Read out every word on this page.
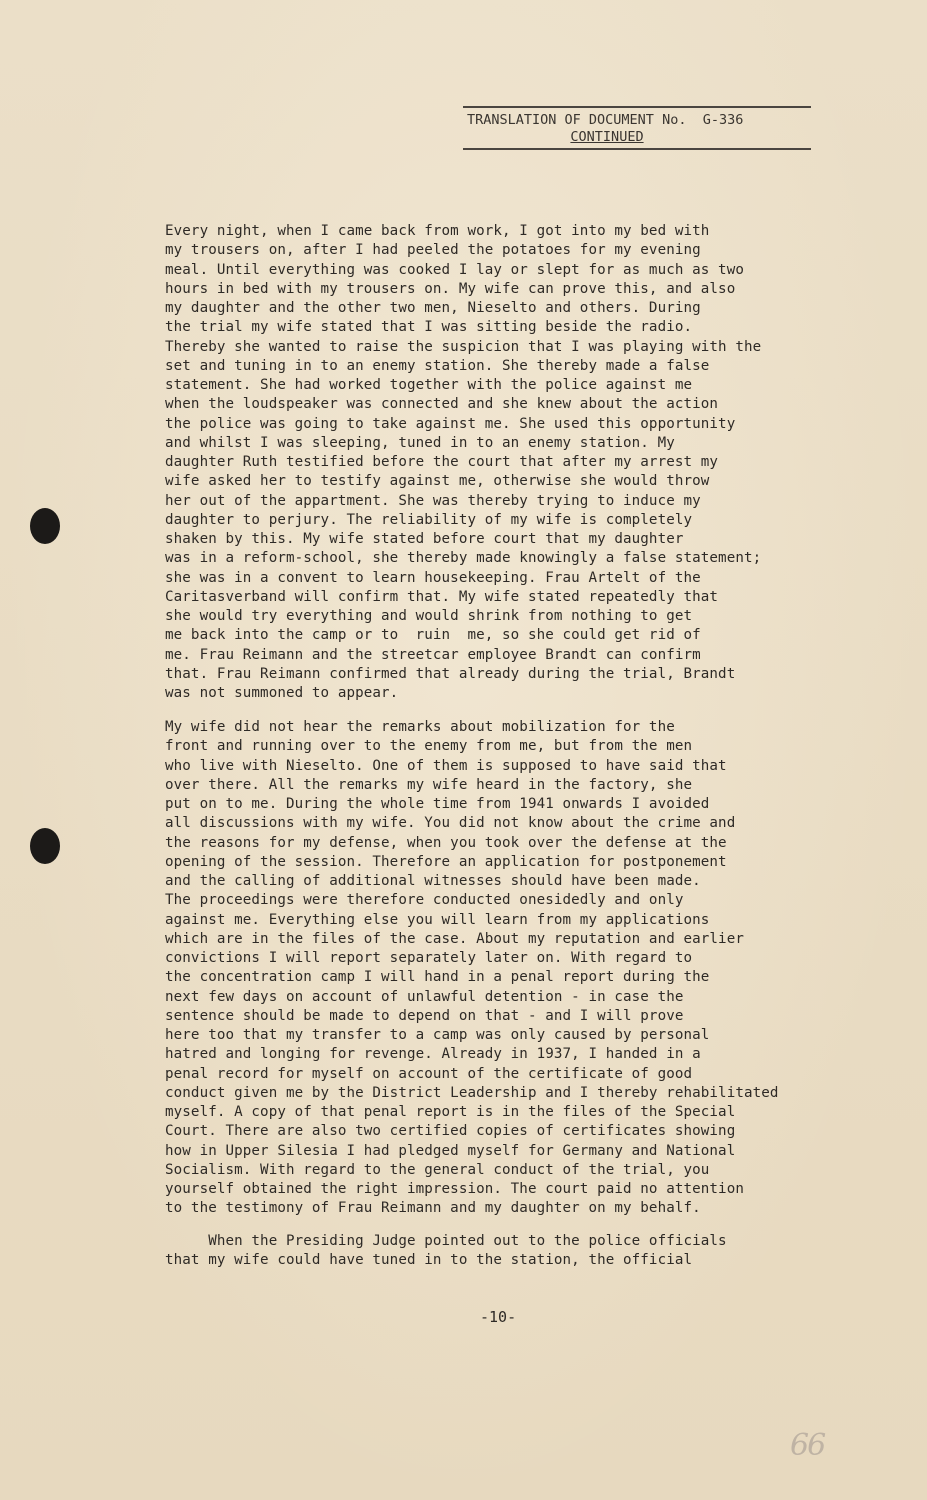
TRANSLATION OF DOCUMENT No.  G-336
CONTINUED
Every night, when I came back from work, I got into my bed with
my trousers on, after I had peeled the potatoes for my evening
meal. Until everything was cooked I lay or slept for as much as two
hours in bed with my trousers on. My wife can prove this, and also
my daughter and the other two men, Nieselto and others. During
the trial my wife stated that I was sitting beside the radio.
Thereby she wanted to raise the suspicion that I was playing with the
set and tuning in to an enemy station. She thereby made a false
statement. She had worked together with the police against me
when the loudspeaker was connected and she knew about the action
the police was going to take against me. She used this opportunity
and whilst I was sleeping, tuned in to an enemy station. My
daughter Ruth testified before the court that after my arrest my
wife asked her to testify against me, otherwise she would throw
her out of the appartment. She was thereby trying to induce my
daughter to perjury. The reliability of my wife is completely
shaken by this. My wife stated before court that my daughter
was in a reform-school, she thereby made knowingly a false statement;
she was in a convent to learn housekeeping. Frau Artelt of the
Caritasverband will confirm that. My wife stated repeatedly that
she would try everything and would shrink from nothing to get
me back into the camp or to  ruin  me, so she could get rid of
me. Frau Reimann and the streetcar employee Brandt can confirm
that. Frau Reimann confirmed that already during the trial, Brandt
was not summoned to appear.
My wife did not hear the remarks about mobilization for the
front and running over to the enemy from me, but from the men
who live with Nieselto. One of them is supposed to have said that
over there. All the remarks my wife heard in the factory, she
put on to me. During the whole time from 1941 onwards I avoided
all discussions with my wife. You did not know about the crime and
the reasons for my defense, when you took over the defense at the
opening of the session. Therefore an application for postponement
and the calling of additional witnesses should have been made.
The proceedings were therefore conducted onesidedly and only
against me. Everything else you will learn from my applications
which are in the files of the case. About my reputation and earlier
convictions I will report separately later on. With regard to
the concentration camp I will hand in a penal report during the
next few days on account of unlawful detention - in case the
sentence should be made to depend on that - and I will prove
here too that my transfer to a camp was only caused by personal
hatred and longing for revenge. Already in 1937, I handed in a
penal record for myself on account of the certificate of good
conduct given me by the District Leadership and I thereby rehabilitated
myself. A copy of that penal report is in the files of the Special
Court. There are also two certified copies of certificates showing
how in Upper Silesia I had pledged myself for Germany and National
Socialism. With regard to the general conduct of the trial, you
yourself obtained the right impression. The court paid no attention
to the testimony of Frau Reimann and my daughter on my behalf.
When the Presiding Judge pointed out to the police officials
that my wife could have tuned in to the station, the official
-10-
66
